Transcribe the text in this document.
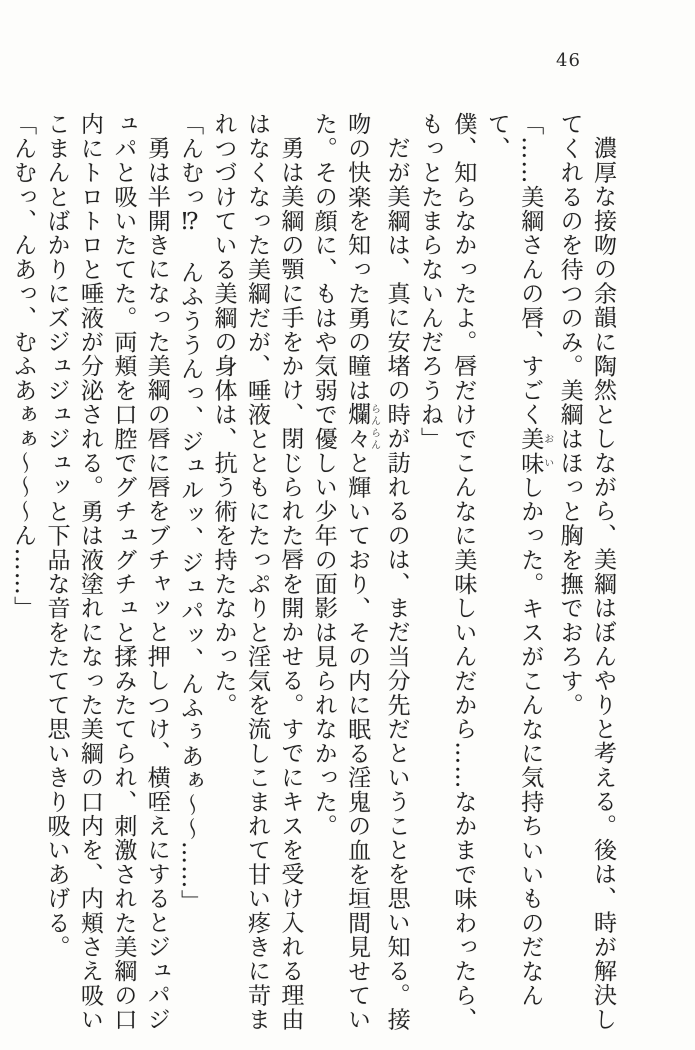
46
濃厚な接吻の余韻に陶然としながら、美綱はぼんやりと考える。後は、時が解決し
てくれるのを待つのみ。美綱はほっと胸を撫でおろす。
「……美綱さんの唇、すごく美味おいしかった。キスがこんなに気持ちいいものだなんて、
僕、知らなかったよ。唇だけでこんなに美味しいんだから……なかまで味わったら、
もっとたまらないんだろうね」
だが美綱は、真に安堵の時が訪れるのは、まだ当分先だということを思い知る。接
吻の快楽を知った勇の瞳は爛々らんらんと輝いており、その内に眠る淫鬼の血を垣間見せてい
た。その顔に、もはや気弱で優しい少年の面影は見られなかった。
勇は美綱の顎に手をかけ、閉じられた唇を開かせる。すでにキスを受け入れる理由
はなくなった美綱だが、唾液とともにたっぷりと淫気を流しこまれて甘い疼きに苛ま
れつづけている美綱の身体は、抗う術を持たなかった。
「んむっ⁉　んふううんっ、ジュルッ、ジュパッ、んふぅあぁ～～……」
勇は半開きになった美綱の唇に唇をブチャッと押しつけ、横咥えにするとジュパジ
ュパと吸いたてた。両頬を口腔でグチュグチュと揉みたてられ、刺激された美綱の口
内にトロトロと唾液が分泌される。勇は液塗れになった美綱の口内を、内頬さえ吸い
こまんとばかりにズジュジュジュッと下品な音をたてて思いきり吸いあげる。
「んむっ、んあっ、むふあぁぁ～～～ん……」
